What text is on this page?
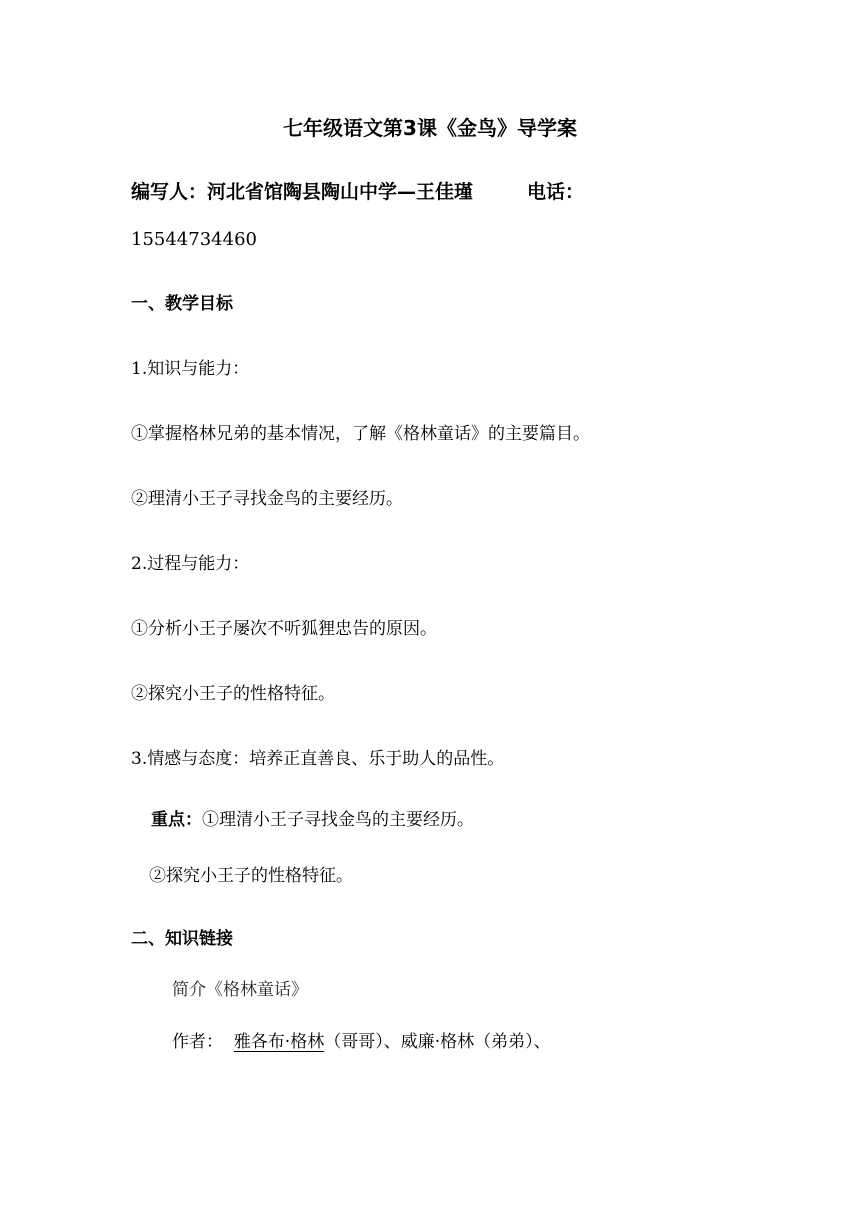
七年级语文第3课《金鸟》导学案
编写人：河北省馆陶县陶山中学—王佳瑾	电话：
15544734460
一、教学目标
1.知识与能力：
①掌握格林兄弟的基本情况，了解《格林童话》的主要篇目。
②理清小王子寻找金鸟的主要经历。
2.过程与能力：
①分析小王子屡次不听狐狸忠告的原因。
②探究小王子的性格特征。
3.情感与态度：培养正直善良、乐于助人的品性。
重点：①理清小王子寻找金鸟的主要经历。
②探究小王子的性格特征。
二、知识链接
简介《格林童话》
作者： 雅各布·格林（哥哥）、威廉·格林（弟弟）、
